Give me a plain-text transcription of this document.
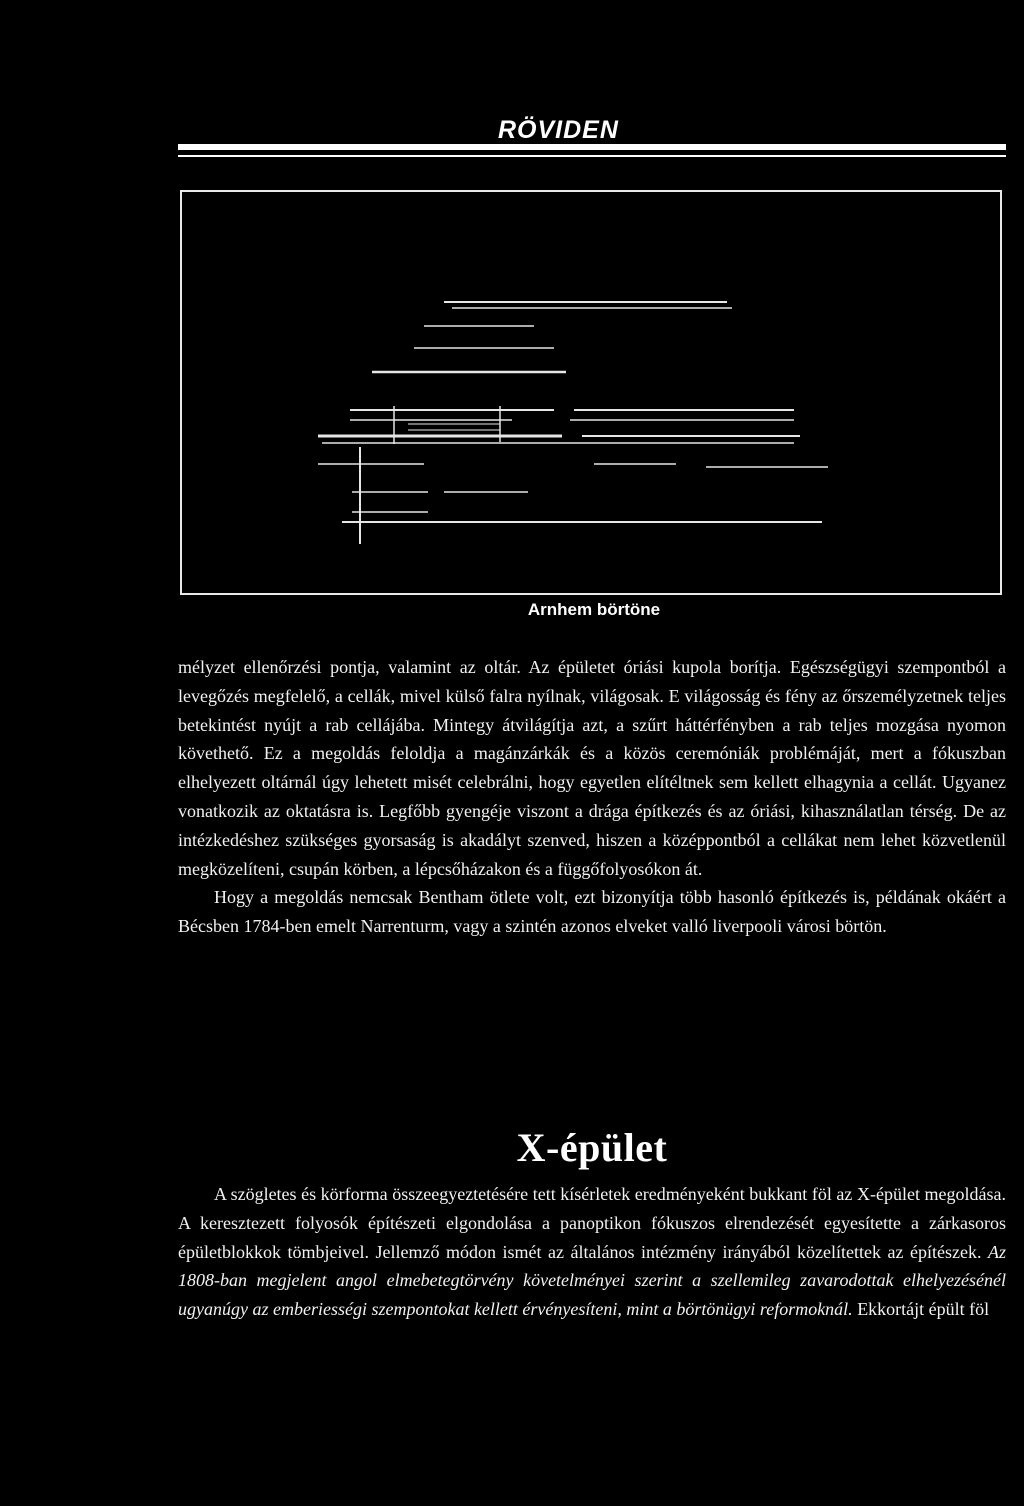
RÖVIDEN
Arnhem börtöne

mélyzet ellenőrzési pontja, valamint az oltár. Az épületet óriási kupola borítja. Egészségügyi szempontból a levegőzés megfelelő, a cellák, mivel külső falra nyílnak, világosak. E világosság és fény az őrszemélyzetnek teljes betekintést nyújt a rab cellájába. Mintegy átvilágítja azt, a szűrt háttérfényben a rab teljes mozgása nyomon követhető. Ez a megoldás feloldja a magánzárkák és a közös ceremóniák problémáját, mert a fókuszban elhelyezett oltárnál úgy lehetett misét celebrálni, hogy egyetlen elítéltnek sem kellett elhagynia a cellát. Ugyanez vonatkozik az oktatásra is. Legfőbb gyengéje viszont a drága építkezés és az óriási, kihasználatlan térség. De az intézkedéshez szükséges gyorsaság is akadályt szenved, hiszen a középpontból a cellákat nem lehet közvetlenül megközelíteni, csupán körben, a lépcsőházakon és a függőfolyosókon át.

Hogy a megoldás nemcsak Bentham ötlete volt, ezt bizonyítja több hasonló építkezés is, példának okáért a Bécsben 1784-ben emelt Narrenturm, vagy a szintén azonos elveket valló liverpooli városi börtön.

X-épület

A szögletes és körforma összeegyeztetésére tett kísérletek eredményeként bukkant föl az X-épület megoldása. A keresztezett folyosók építészeti elgondolása a panoptikon fókuszos elrendezését egyesítette a zárkasoros épületblokkok tömbjeivel. Jellemző módon ismét az általános intézmény irányából közelítettek az építészek. Az 1808-ban megjelent angol elmebetegtörvény követelményei szerint a szellemileg zavarodottak elhelyezésénél ugyanúgy az emberiességi szempontokat kellett érvényesíteni, mint a börtönügyi reformoknál. Ekkortájt épült föl
